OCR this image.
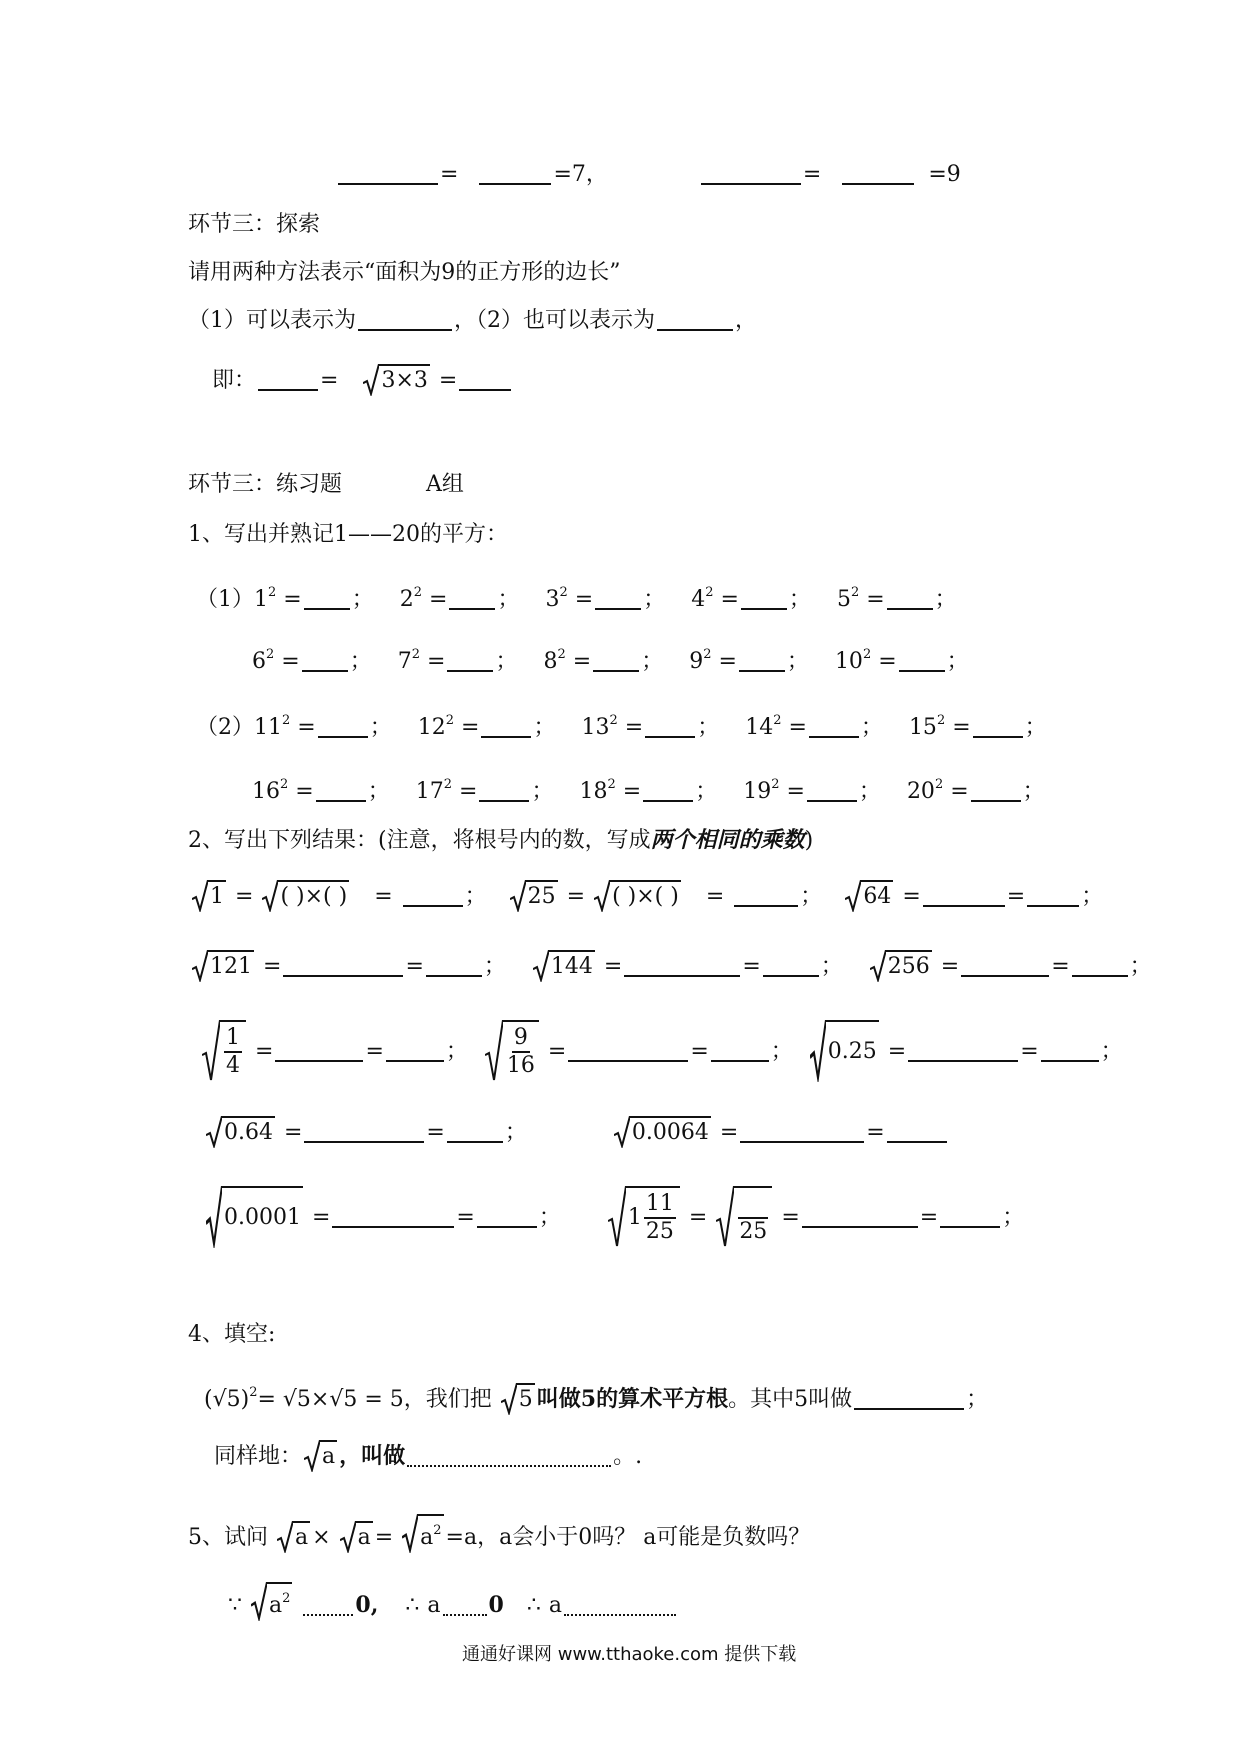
=	=7，	=	=9
环节三：探索
请用两种方法表示“面积为9的正方形的边长”
（1）可以表示为	，（2）也可以表示为	，
即：	= 3×3 =
环节三：练习题	A组
1、写出并熟记1——20的平方：
$(1)1^2$ = ； $2^2$ = ； $3^2$ = ； $4^2$ = ； $5^2$ = ；
$6^2$ = ； $7^2$ = ； $8^2$ = ； $9^2$ = ； $10^2$ = ；
$(2)11^2$ = ； $12^2$ = ； $13^2$ = ； $14^2$ = ； $15^2$ = ；
$16^2$ = ； $17^2$ = ； $18^2$ = ； $19^2$ = ； $20^2$ = ；
2、写出下列结果：(注意，将根号内的数，写成两个相同的乘数)
1 = ( )×( ) =	； 25 = ( )×( ) =	； 64 =	=	；
121 =	=	； 144 =	=	； 256 =	=	；
$\frac{1}{4}$ =	=	； $\frac{9}{16}$ =	=	； 0.25 =	=	；
0.64 =	=	；	0.0064 =	=
0.0001 =	=	；	$1 \frac{11}{25}$ =
25
=	=	；
4、填空:
$(√5)^2= √5\times√5 = 5$，我们把 5 叫做5的算术平方根。其中5叫做	；
同样地： a ，叫做	。.
5、试问 $a \times a = a^2 =a$，a会小于0吗？ a可能是负数吗？
∵ $a^2$	0, ∴ a 0 ∴ a
通通好课网 www.tthaoke.com 提供下载
